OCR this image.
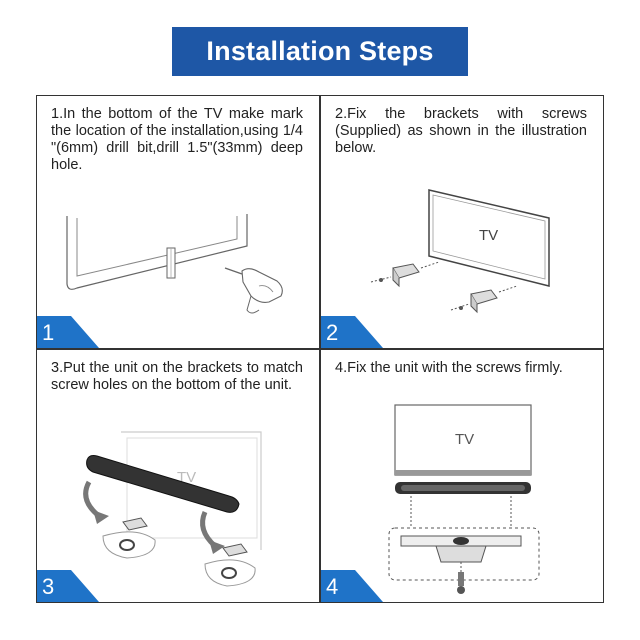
Installation Steps
1.In the bottom of the TV make mark the location of the installation,using 1/4 "(6mm) drill bit,drill 1.5"(33mm) deep hole.
1
2.Fix the brackets with screws (Supplied) as shown in the illustration below.
TV
2
3.Put the unit on the brackets to match screw holes on the bottom of the unit.
TV
3
4.Fix the unit with the screws firmly.
TV
4
